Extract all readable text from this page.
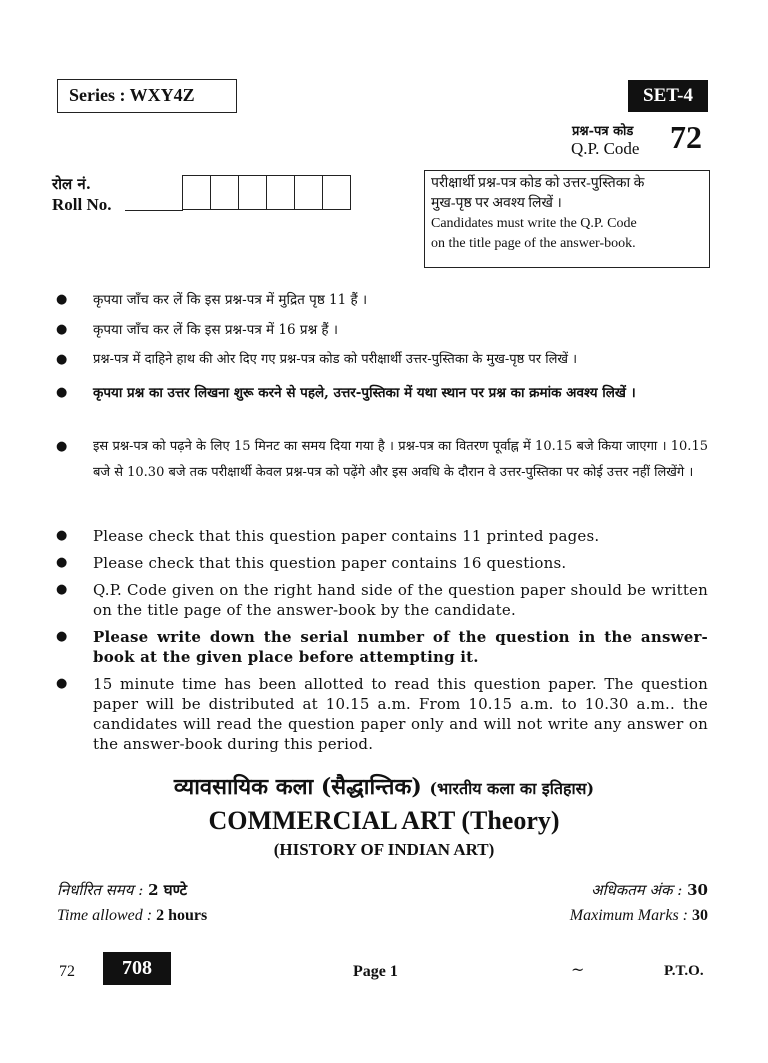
Series : WXY4Z	SET-4
प्रश्न-पत्र कोड
Q.P. Code 72
रोल नं.
Roll No.
परीक्षार्थी प्रश्न-पत्र कोड को उत्तर-पुस्तिका के
मुख-पृष्ठ पर अवश्य लिखें ।
Candidates must write the Q.P. Code
on the title page of the answer-book.
● कृपया जाँच कर लें कि इस प्रश्न-पत्र में मुद्रित पृष्ठ 11 हैं ।
● कृपया जाँच कर लें कि इस प्रश्न-पत्र में 16 प्रश्न हैं ।
● प्रश्न-पत्र में दाहिने हाथ की ओर दिए गए प्रश्न-पत्र कोड को परीक्षार्थी उत्तर-पुस्तिका के मुख-पृष्ठ पर लिखें ।
● कृपया प्रश्न का उत्तर लिखना शुरू करने से पहले, उत्तर-पुस्तिका में यथा स्थान पर प्रश्न का क्रमांक अवश्य लिखें ।
● इस प्रश्न-पत्र को पढ़ने के लिए 15 मिनट का समय दिया गया है । प्रश्न-पत्र का वितरण पूर्वाह्न में 10.15 बजे किया जाएगा । 10.15 बजे से 10.30 बजे तक परीक्षार्थी केवल प्रश्न-पत्र को पढ़ेंगे और इस अवधि के दौरान वे उत्तर-पुस्तिका पर कोई उत्तर नहीं लिखेंगे ।
● Please check that this question paper contains 11 printed pages.
● Please check that this question paper contains 16 questions.
● Q.P. Code given on the right hand side of the question paper should be written on the title page of the answer-book by the candidate.
● Please write down the serial number of the question in the answer-book at the given place before attempting it.
● 15 minute time has been allotted to read this question paper. The question paper will be distributed at 10.15 a.m. From 10.15 a.m. to 10.30 a.m.. the candidates will read the question paper only and will not write any answer on the answer-book during this period.
व्यावसायिक कला (सैद्धान्तिक) (भारतीय कला का इतिहास)
COMMERCIAL ART (Theory)
(HISTORY OF INDIAN ART)
निर्धारित समय : 2 घण्टे
Time allowed : 2 hours
अधिकतम अंक : 30
Maximum Marks : 30
72	708	Page 1	~	P.T.O.
